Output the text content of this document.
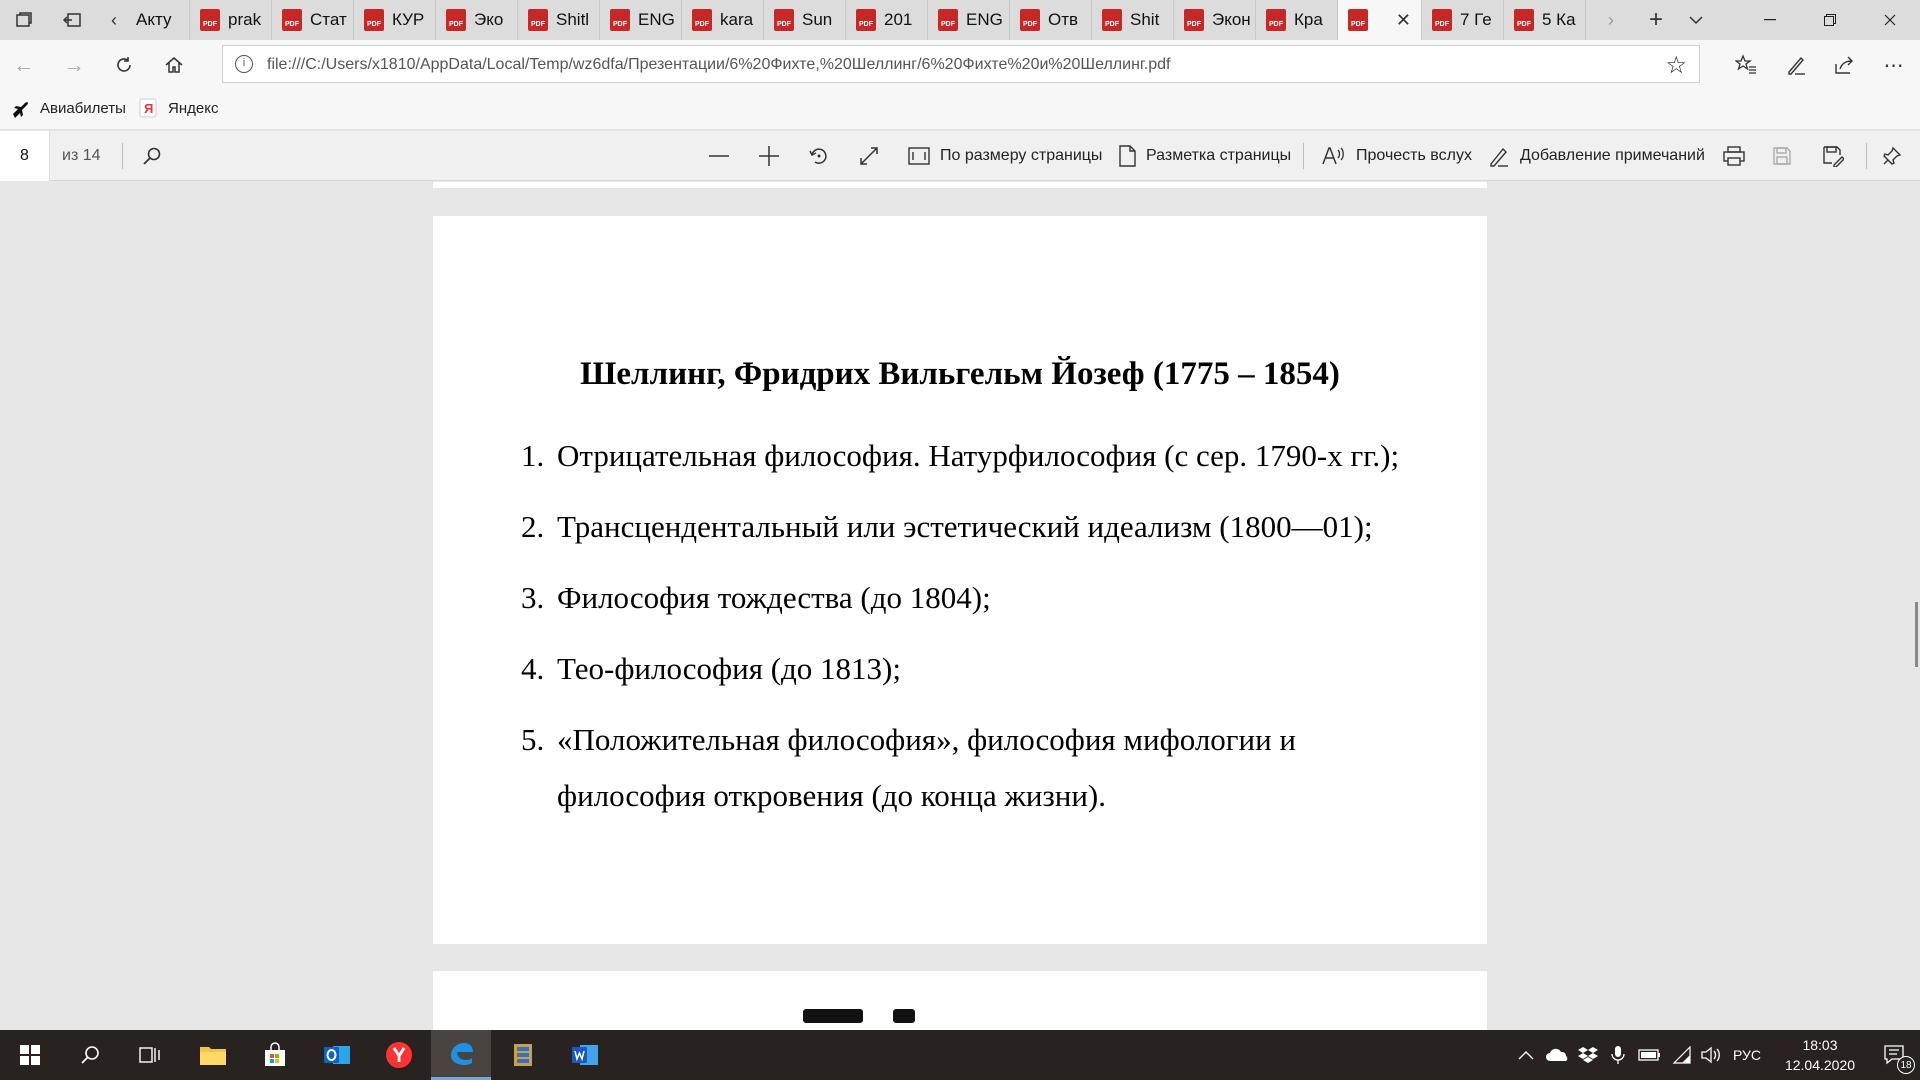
‹	Акту	PDF prak	PDF Стат	PDF КУР	PDF Эко	PDF Shitl	PDF ENG	PDF kara	PDF Sun	PDF 201	PDF ENG	PDF Отв	PDF Shit	PDF Экон	PDF Кра	PDF ✕	PDF 7 Ге	PDF 5 Ка	›	+
← →	i	file:///C:/Users/x1810/AppData/Local/Temp/wz6dfa/Презентации/6%20Фихте,%20Шеллинг/6%20Фихте%20и%20Шеллинг.pdf	☆	⋯
Авиабилеты Я Яндекс
8	из 14	По размеру страницы	Разметка страницы	Прочесть вслух	Добавление примечаний
Шеллинг, Фридрих Вильгельм Йозеф (1775 – 1854)
1. Отрицательная философия. Натурфилософия (с сер. 1790-х гг.);
2. Трансцендентальный или эстетический идеализм (1800—01);
3. Философия тождества (до 1804);
4. Тео-философия (до 1813);
5. «Положительная философия», философия мифологии и философия откровения (до конца жизни).
РУС
18:03
12.04.2020	18
